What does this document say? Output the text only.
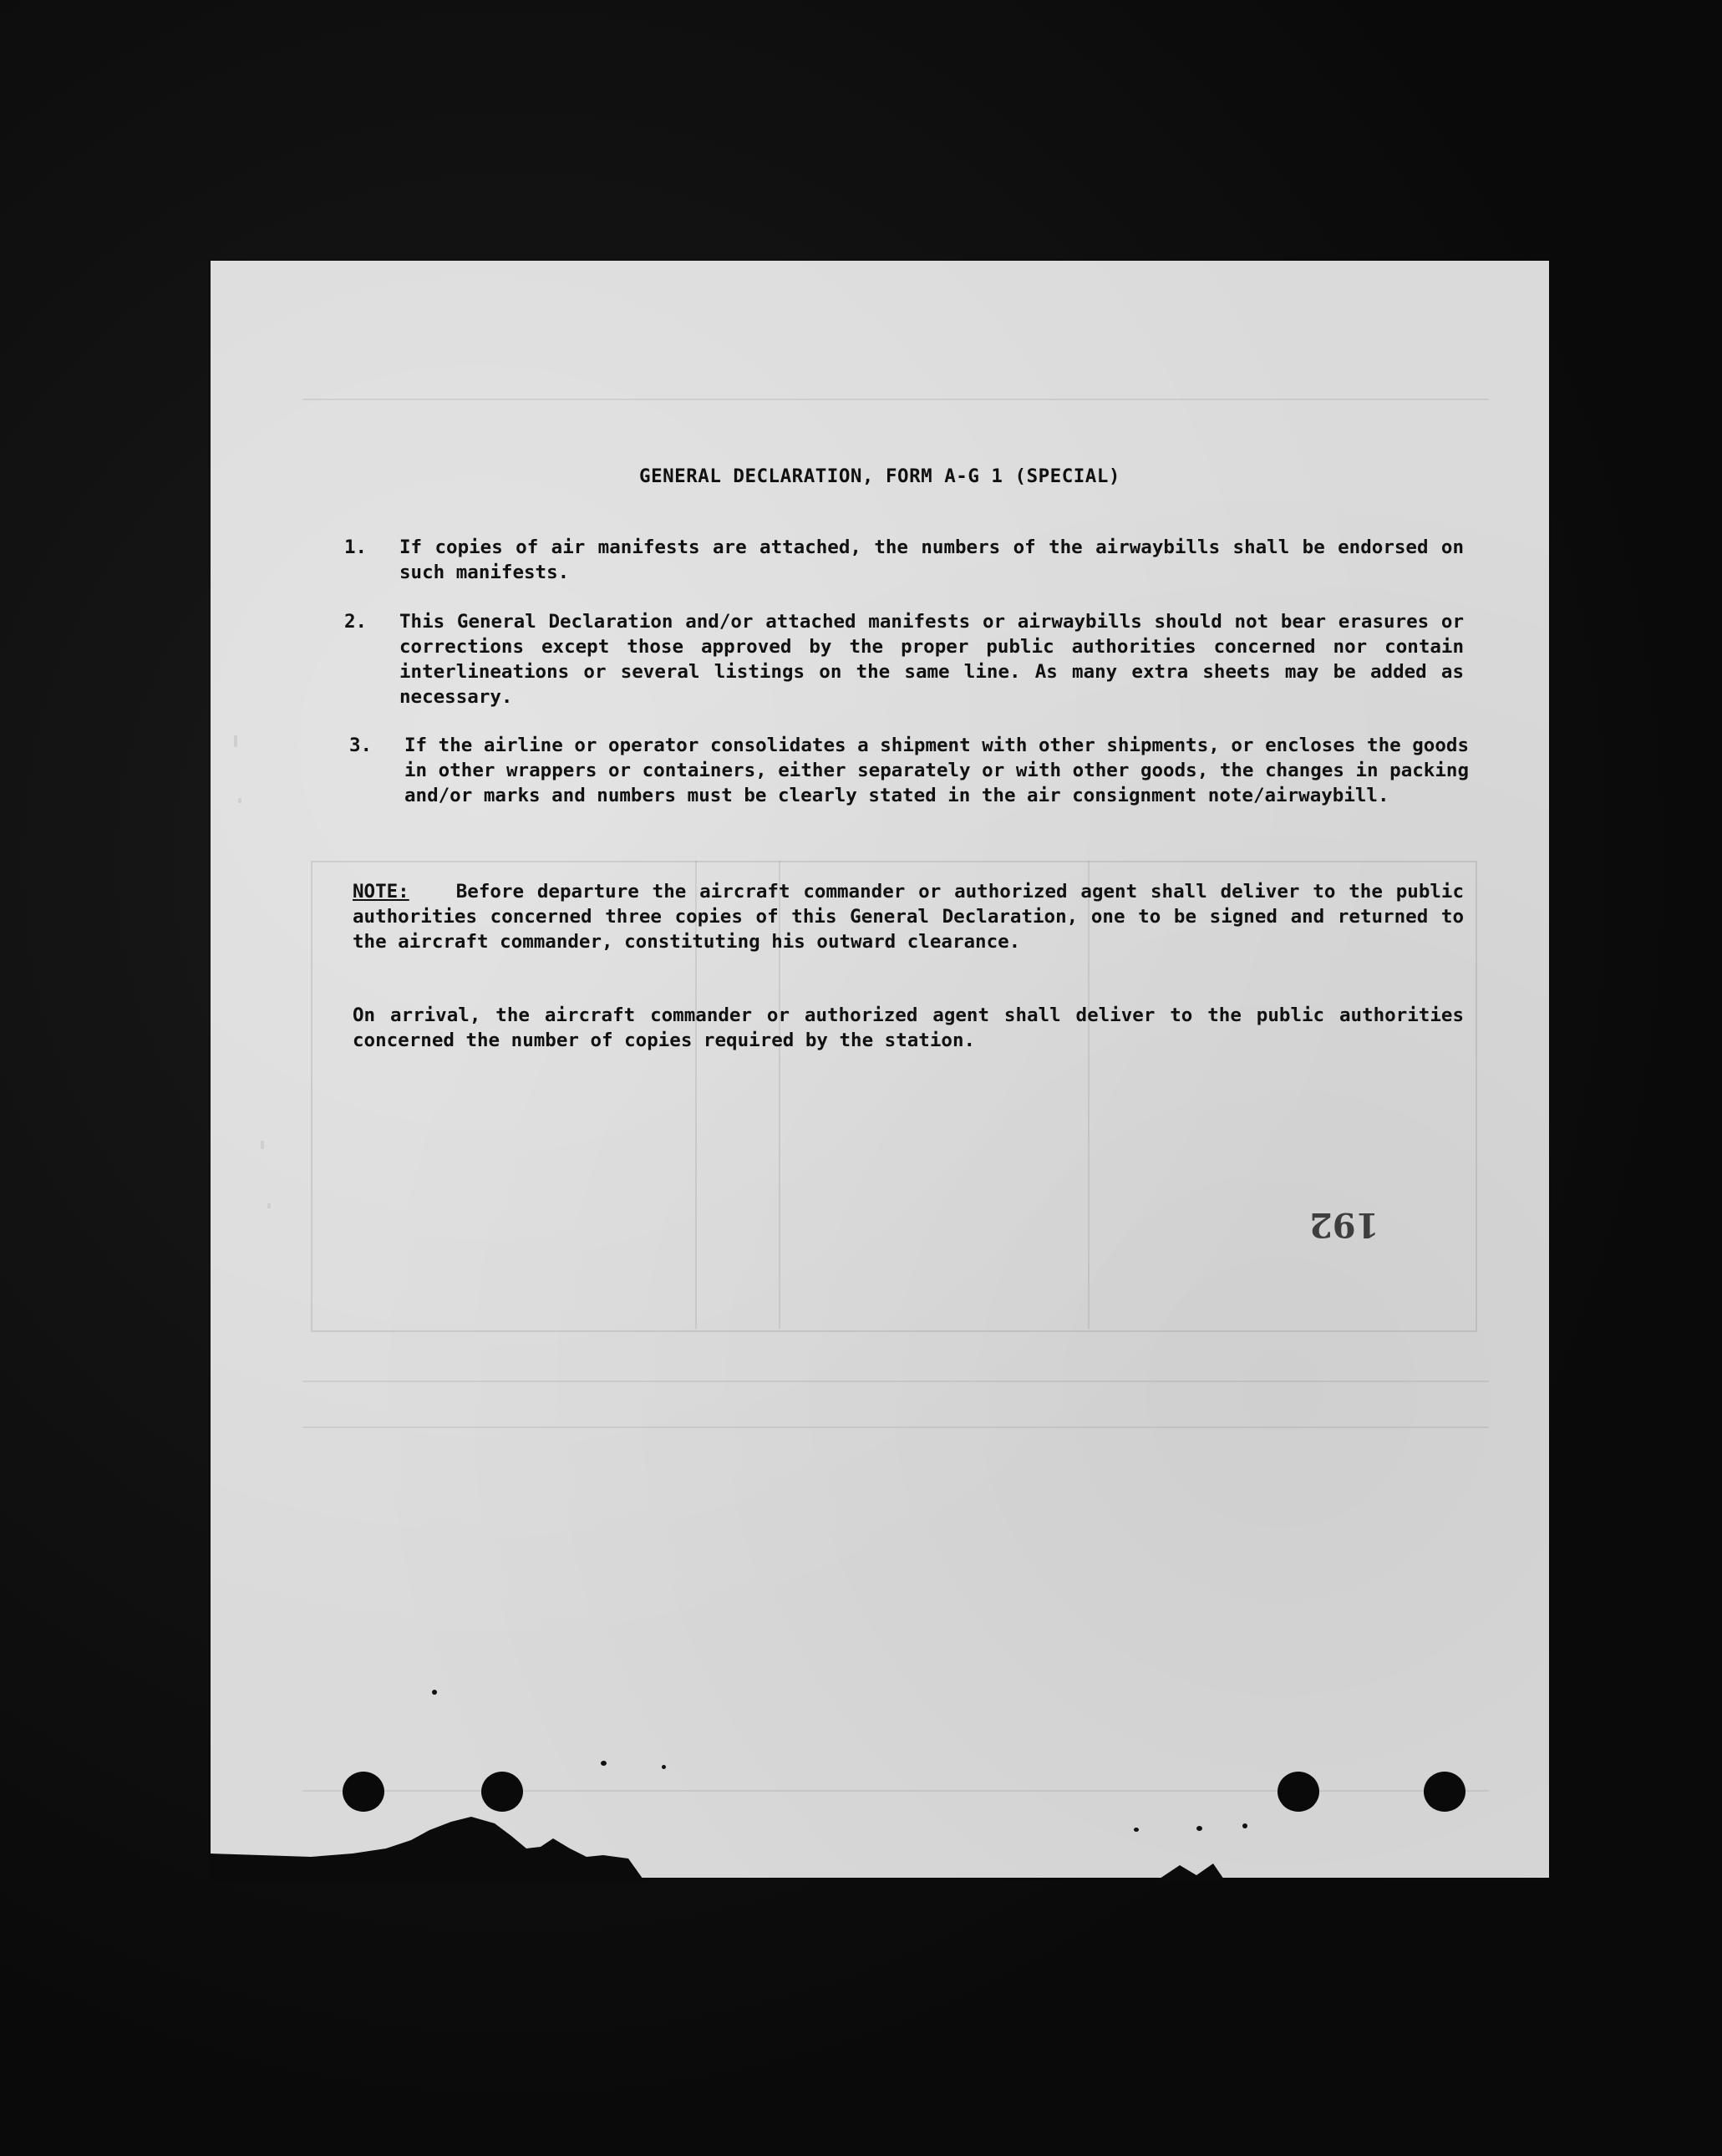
GENERAL DECLARATION, FORM A-G 1 (SPECIAL)
1.	If copies of air manifests are attached, the numbers of the airwaybills shall be endorsed on such manifests.
2.	This General Declaration and/or attached manifests or airwaybills should not bear erasures or corrections except those approved by the proper public authorities concerned nor contain interlineations or several listings on the same line. As many extra sheets may be added as necessary.
3.	If the airline or operator consolidates a shipment with other shipments, or encloses the goods in other wrappers or containers, either separately or with other goods, the changes in packing and/or marks and numbers must be clearly stated in the air consignment note/airwaybill.
NOTE: Before departure the aircraft commander or authorized agent shall deliver to the public authorities concerned three copies of this General Declaration, one to be signed and returned to the aircraft commander, constituting his outward clearance.
On arrival, the aircraft commander or authorized agent shall deliver to the public authorities concerned the number of copies required by the station.
192
